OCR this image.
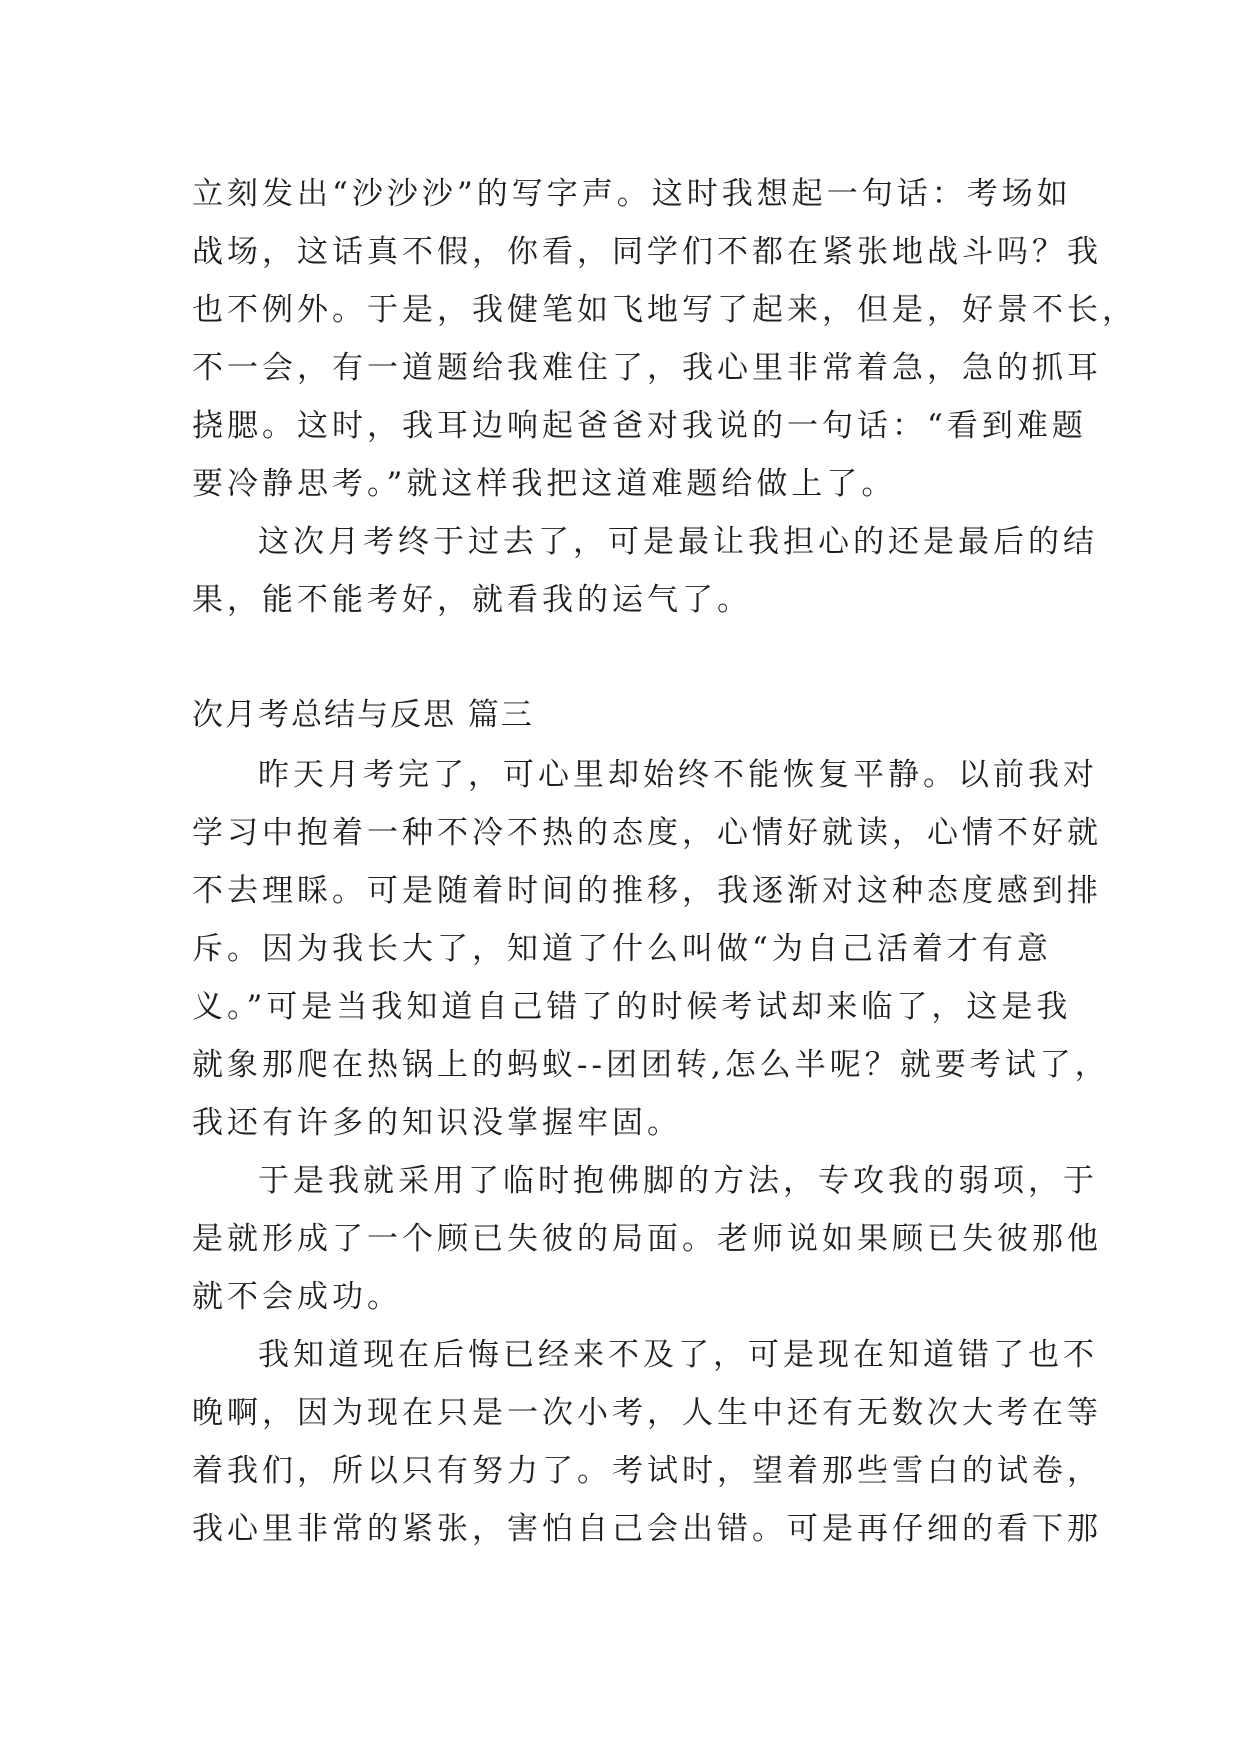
立刻发出“沙沙沙”的写字声。这时我想起一句话：考场如
战场，这话真不假，你看，同学们不都在紧张地战斗吗？我
也不例外。于是，我健笔如飞地写了起来，但是，好景不长，
不一会，有一道题给我难住了，我心里非常着急，急的抓耳
挠腮。这时，我耳边响起爸爸对我说的一句话：“看到难题
要冷静思考。”就这样我把这道难题给做上了。
这次月考终于过去了，可是最让我担心的还是最后的结
果，能不能考好，就看我的运气了。
次月考总结与反思 篇三
昨天月考完了，可心里却始终不能恢复平静。以前我对
学习中抱着一种不冷不热的态度，心情好就读，心情不好就
不去理睬。可是随着时间的推移，我逐渐对这种态度感到排
斥。因为我长大了，知道了什么叫做“为自己活着才有意
义。”可是当我知道自己错了的时候考试却来临了，这是我
就象那爬在热锅上的蚂蚁--团团转,怎么半呢？就要考试了，
我还有许多的知识没掌握牢固。
于是我就采用了临时抱佛脚的方法，专攻我的弱项，于
是就形成了一个顾已失彼的局面。老师说如果顾已失彼那他
就不会成功。
我知道现在后悔已经来不及了，可是现在知道错了也不
晚啊，因为现在只是一次小考，人生中还有无数次大考在等
着我们，所以只有努力了。考试时，望着那些雪白的试卷，
我心里非常的紧张，害怕自己会出错。可是再仔细的看下那
